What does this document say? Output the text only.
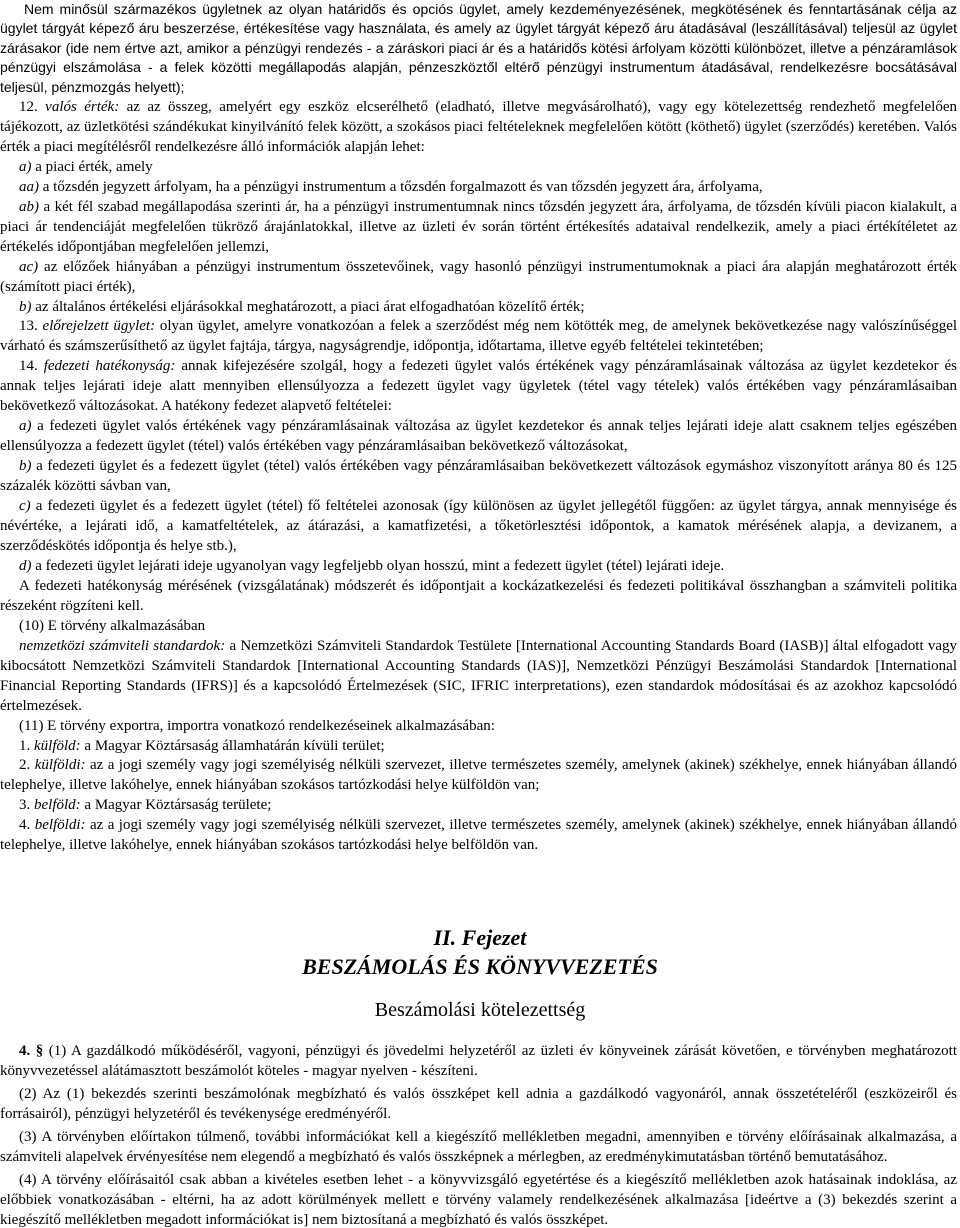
Nem minősül származékos ügyletnek az olyan határidős és opciós ügylet, amely kezdeményezésének, megkötésének és fenntartásának célja az ügylet tárgyát képező áru beszerzése, értékesítése vagy használata, és amely az ügylet tárgyát képező áru átadásával (leszállításával) teljesül az ügylet zárásakor (ide nem értve azt, amikor a pénzügyi rendezés - a záráskori piaci ár és a határidős kötési árfolyam közötti különbözet, illetve a pénzáramlások pénzügyi elszámolása - a felek közötti megállapodás alapján, pénzeszköztől eltérő pénzügyi instrumentum átadásával, rendelkezésre bocsátásával teljesül, pénzmozgás helyett);

12. valós érték: az az összeg, amelyért egy eszköz elcserélhető (eladható, illetve megvásárolható), vagy egy kötelezettség rendezhető megfelelően tájékozott, az üzletkötési szándékukat kinyilvánító felek között, a szokásos piaci feltételeknek megfelelően kötött (köthető) ügylet (szerződés) keretében. Valós érték a piaci megítélésről rendelkezésre álló információk alapján lehet:

a) a piaci érték, amely

aa) a tőzsdén jegyzett árfolyam, ha a pénzügyi instrumentum a tőzsdén forgalmazott és van tőzsdén jegyzett ára, árfolyama,

ab) a két fél szabad megállapodása szerinti ár, ha a pénzügyi instrumentumnak nincs tőzsdén jegyzett ára, árfolyama, de tőzsdén kívüli piacon kialakult, a piaci ár tendenciáját megfelelően tükröző árajánlatokkal, illetve az üzleti év során történt értékesítés adataival rendelkezik, amely a piaci értékítéletet az értékelés időpontjában megfelelően jellemzi,

ac) az előzőek hiányában a pénzügyi instrumentum összetevőinek, vagy hasonló pénzügyi instrumentumoknak a piaci ára alapján meghatározott érték (számított piaci érték),

b) az általános értékelési eljárásokkal meghatározott, a piaci árat elfogadhatóan közelítő érték;

13. előrejelzett ügylet: olyan ügylet, amelyre vonatkozóan a felek a szerződést még nem kötötték meg, de amelynek bekövetkezése nagy valószínűséggel várható és számszerűsíthető az ügylet fajtája, tárgya, nagyságrendje, időpontja, időtartama, illetve egyéb feltételei tekintetében;

14. fedezeti hatékonyság: annak kifejezésére szolgál, hogy a fedezeti ügylet valós értékének vagy pénzáramlásainak változása az ügylet kezdetekor és annak teljes lejárati ideje alatt mennyiben ellensúlyozza a fedezett ügylet vagy ügyletek (tétel vagy tételek) valós értékében vagy pénzáramlásaiban bekövetkező változásokat. A hatékony fedezet alapvető feltételei:

a) a fedezeti ügylet valós értékének vagy pénzáramlásainak változása az ügylet kezdetekor és annak teljes lejárati ideje alatt csaknem teljes egészében ellensúlyozza a fedezett ügylet (tétel) valós értékében vagy pénzáramlásaiban bekövetkező változásokat,

b) a fedezeti ügylet és a fedezett ügylet (tétel) valós értékében vagy pénzáramlásaiban bekövetkezett változások egymáshoz viszonyított aránya 80 és 125 százalék közötti sávban van,

c) a fedezeti ügylet és a fedezett ügylet (tétel) fő feltételei azonosak (így különösen az ügylet jellegétől függően: az ügylet tárgya, annak mennyisége és névértéke, a lejárati idő, a kamatfeltételek, az átárazási, a kamatfizetési, a tőketörlesztési időpontok, a kamatok mérésének alapja, a devizanem, a szerződéskötés időpontja és helye stb.),

d) a fedezeti ügylet lejárati ideje ugyanolyan vagy legfeljebb olyan hosszú, mint a fedezett ügylet (tétel) lejárati ideje.

A fedezeti hatékonyság mérésének (vizsgálatának) módszerét és időpontjait a kockázatkezelési és fedezeti politikával összhangban a számviteli politika részeként rögzíteni kell.

(10) E törvény alkalmazásában

nemzetközi számviteli standardok: a Nemzetközi Számviteli Standardok Testülete [International Accounting Standards Board (IASB)] által elfogadott vagy kibocsátott Nemzetközi Számviteli Standardok [International Accounting Standards (IAS)], Nemzetközi Pénzügyi Beszámolási Standardok [International Financial Reporting Standards (IFRS)] és a kapcsolódó Értelmezések (SIC, IFRIC interpretations), ezen standardok módosításai és az azokhoz kapcsolódó értelmezések.

(11) E törvény exportra, importra vonatkozó rendelkezéseinek alkalmazásában:

1. külföld: a Magyar Köztársaság államhatárán kívüli terület;

2. külföldi: az a jogi személy vagy jogi személyiség nélküli szervezet, illetve természetes személy, amelynek (akinek) székhelye, ennek hiányában állandó telephelye, illetve lakóhelye, ennek hiányában szokásos tartózkodási helye külföldön van;

3. belföld: a Magyar Köztársaság területe;

4. belföldi: az a jogi személy vagy jogi személyiség nélküli szervezet, illetve természetes személy, amelynek (akinek) székhelye, ennek hiányában állandó telephelye, illetve lakóhelye, ennek hiányában szokásos tartózkodási helye belföldön van.

II. Fejezet
BESZÁMOLÁS ÉS KÖNYVVEZETÉS
Beszámolási kötelezettség

4. § (1) A gazdálkodó működéséről, vagyoni, pénzügyi és jövedelmi helyzetéről az üzleti év könyveinek zárását követően, e törvényben meghatározott könyvvezetéssel alátámasztott beszámolót köteles - magyar nyelven - készíteni.

(2) Az (1) bekezdés szerinti beszámolónak megbízható és valós összképet kell adnia a gazdálkodó vagyonáról, annak összetételéről (eszközeiről és forrásairól), pénzügyi helyzetéről és tevékenysége eredményéről.

(3) A törvényben előírtakon túlmenő, további információkat kell a kiegészítő mellékletben megadni, amennyiben e törvény előírásainak alkalmazása, a számviteli alapelvek érvényesítése nem elegendő a megbízható és valós összképnek a mérlegben, az eredménykimutatásban történő bemutatásához.

(4) A törvény előírásaitól csak abban a kivételes esetben lehet - a könyvvizsgáló egyetértése és a kiegészítő mellékletben azok hatásainak indoklása, az előbbiek vonatkozásában - eltérni, ha az adott körülmények mellett e törvény valamely rendelkezésének alkalmazása [ideértve a (3) bekezdés szerint a kiegészítő mellékletben megadott információkat is] nem biztosítaná a megbízható és valós összképet.
